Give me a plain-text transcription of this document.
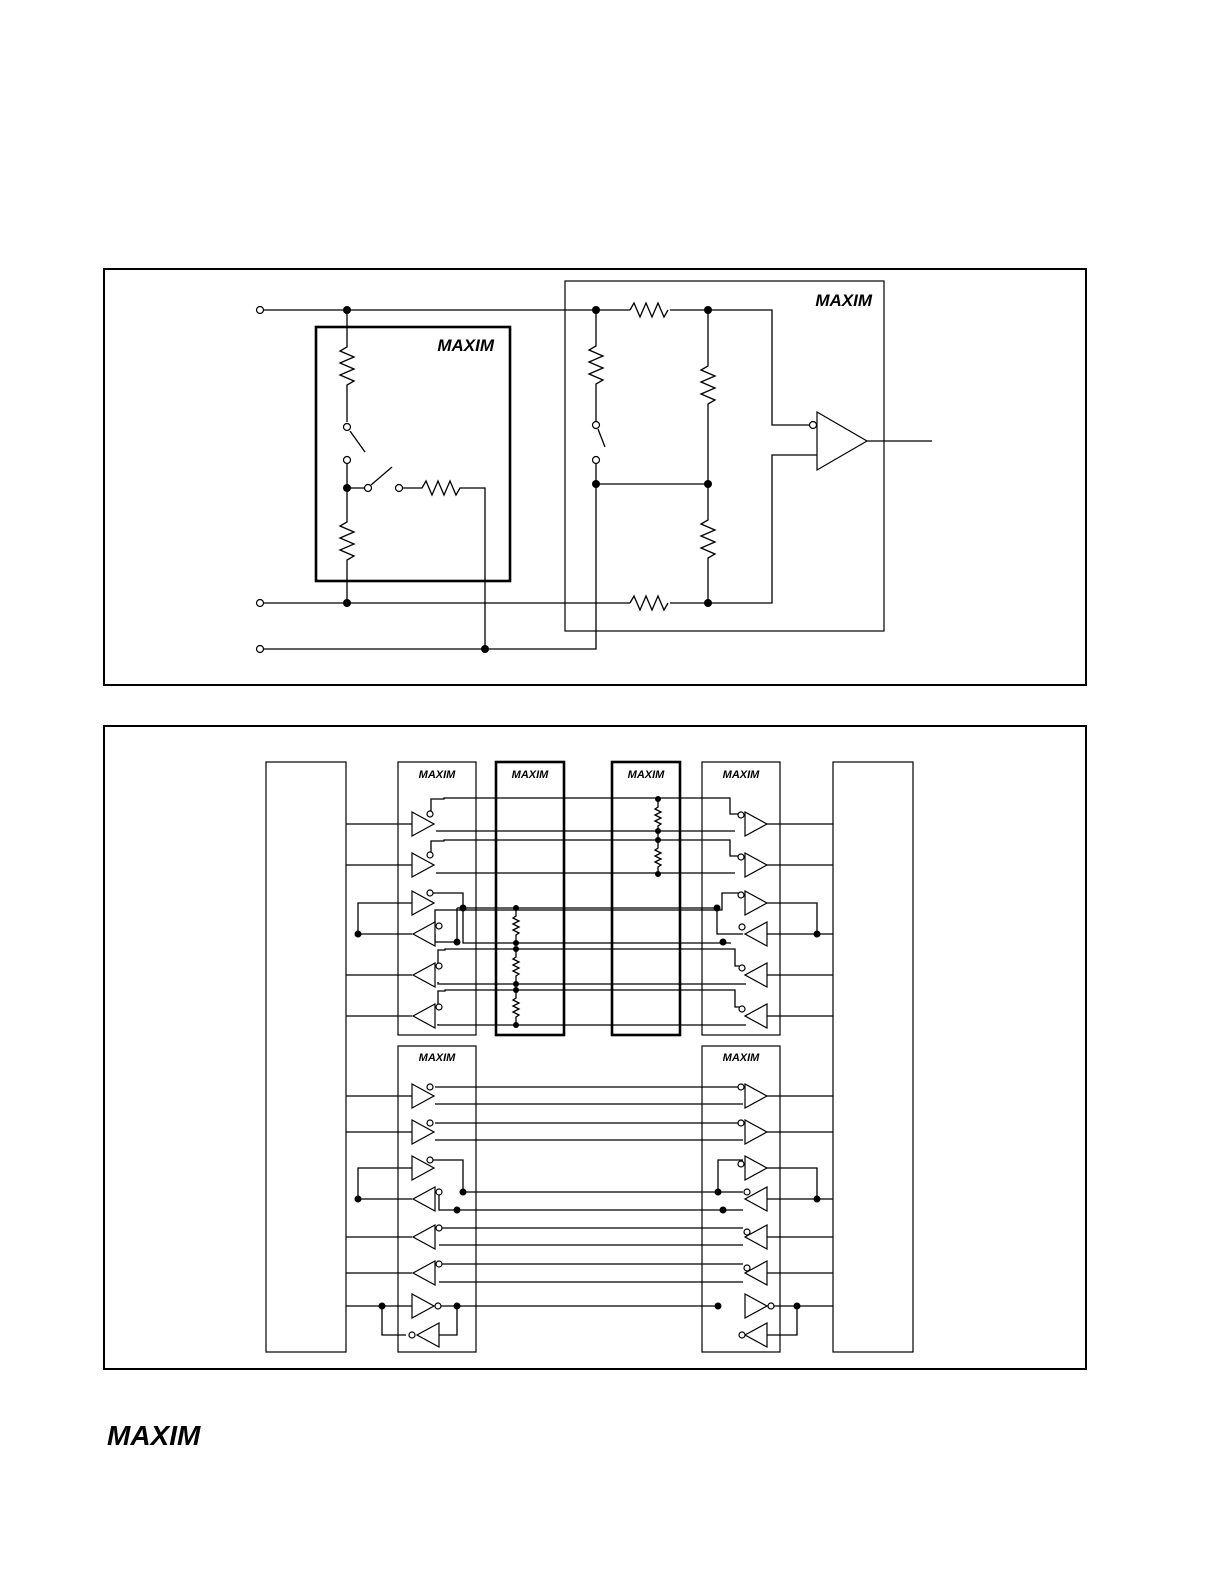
MAXIM
MAXIM
MAXIM	MAXIM	MAXIM	MAXIM
MAXIM	MAXIM
MAXIM
